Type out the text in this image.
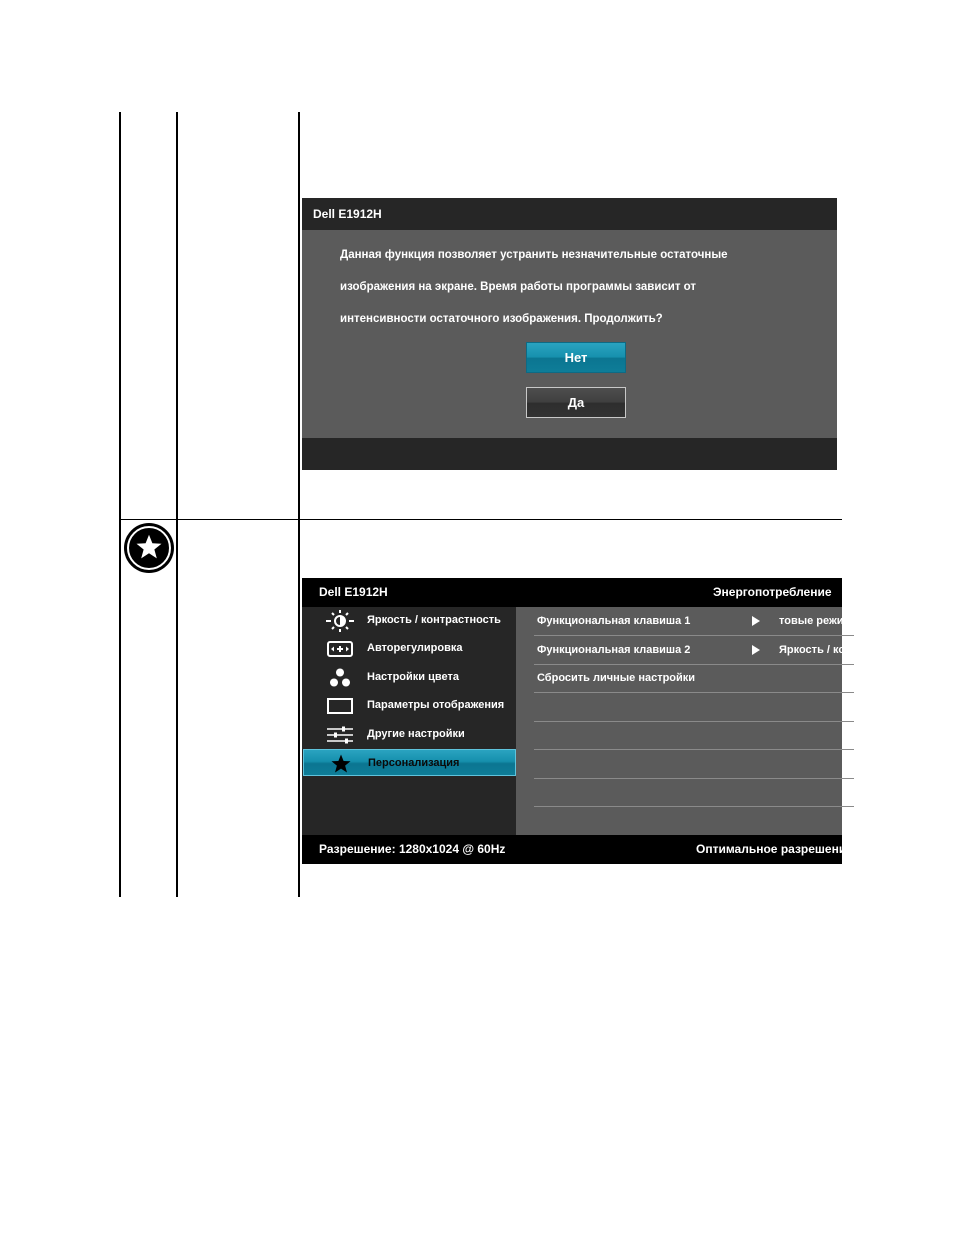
Dell E1912H
Данная функция позволяет устранить незначительные остаточные
изображения на экране. Время работы программы зависит от
интенсивности остаточного изображения. Продолжить?
Нет
Да
Dell E1912H	Энергопотребление
Яркость / контрастность
Авторегулировка
Настройки цвета
Параметры отображения
Другие настройки
Персонализация
Функциональная клавиша 1	товые режимы
Функциональная клавиша 2	Яркость / контрастность
Сбросить личные настройки
Разрешение: 1280x1024 @ 60Hz	Оптимальное разрешение: 1366x768 @ 60Hz
